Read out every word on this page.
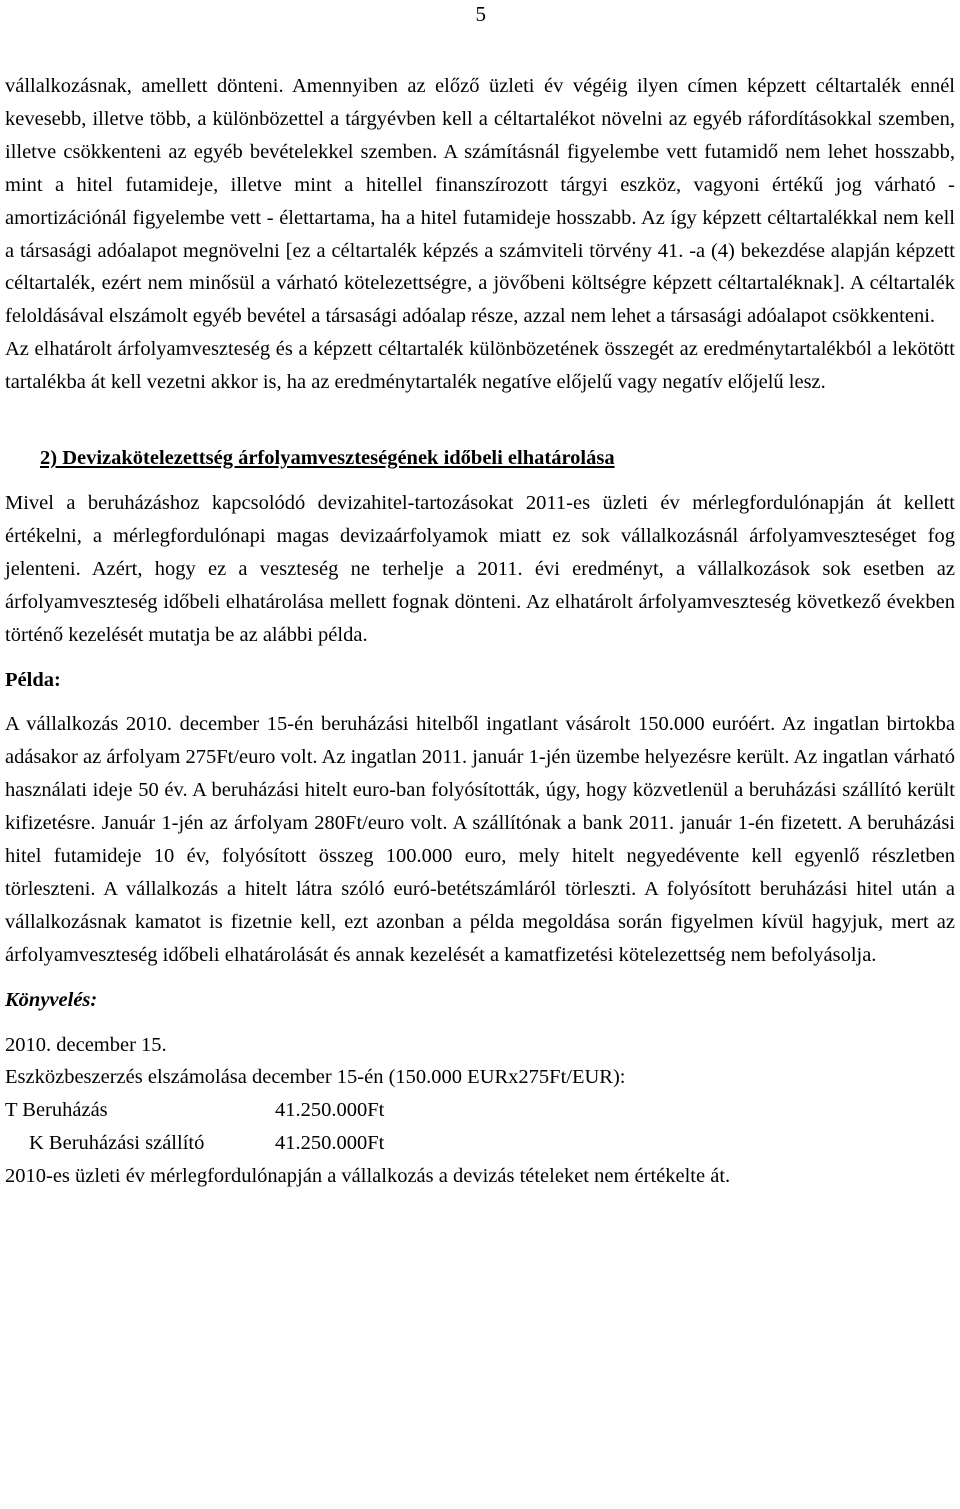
5

vállalkozásnak, amellett dönteni. Amennyiben az előző üzleti év végéig ilyen címen képzett céltartalék ennél kevesebb, illetve több, a különbözettel a tárgyévben kell a céltartalékot növelni az egyéb ráfordításokkal szemben, illetve csökkenteni az egyéb bevételekkel szemben. A számításnál figyelembe vett futamidő nem lehet hosszabb, mint a hitel futamideje, illetve mint a hitellel finanszírozott tárgyi eszköz, vagyoni értékű jog várható - amortizációnál figyelembe vett - élettartama, ha a hitel futamideje hosszabb. Az így képzett céltartalékkal nem kell a társasági adóalapot megnövelni [ez a céltartalék képzés a számviteli törvény 41. -a (4) bekezdése alapján képzett céltartalék, ezért nem minősül a várható kötelezettségre, a jövőbeni költségre képzett céltartaléknak]. A céltartalék feloldásával elszámolt egyéb bevétel a társasági adóalap része, azzal nem lehet a társasági adóalapot csökkenteni.

Az elhatárolt árfolyamveszteség és a képzett céltartalék különbözetének összegét az eredménytartalékból a lekötött tartalékba át kell vezetni akkor is, ha az eredménytartalék negatíve előjelű vagy negatív előjelű lesz.

2) Devizakötelezettség árfolyamveszteségének időbeli elhatárolása

Mivel a beruházáshoz kapcsolódó devizahitel-tartozásokat 2011-es üzleti év mérlegfordulónapján át kellett értékelni, a mérlegfordulónapi magas devizaárfolyamok miatt ez sok vállalkozásnál árfolyamveszteséget fog jelenteni. Azért, hogy ez a veszteség ne terhelje a 2011. évi eredményt, a vállalkozások sok esetben az árfolyamveszteség időbeli elhatárolása mellett fognak dönteni. Az elhatárolt árfolyamveszteség következő években történő kezelését mutatja be az alábbi példa.

Példa:

A vállalkozás 2010. december 15-én beruházási hitelből ingatlant vásárolt 150.000 euróért. Az ingatlan birtokba adásakor az árfolyam 275Ft/euro volt. Az ingatlan 2011. január 1-jén üzembe helyezésre került. Az ingatlan várható használati ideje 50 év. A beruházási hitelt euro-ban folyósították, úgy, hogy közvetlenül a beruházási szállító került kifizetésre. Január 1-jén az árfolyam 280Ft/euro volt. A szállítónak a bank 2011. január 1-én fizetett. A beruházási hitel futamideje 10 év, folyósított összeg 100.000 euro, mely hitelt negyedévente kell egyenlő részletben törleszteni. A vállalkozás a hitelt látra szóló euró-betétszámláról törleszti. A folyósított beruházási hitel után a vállalkozásnak kamatot is fizetnie kell, ezt azonban a példa megoldása során figyelmen kívül hagyjuk, mert az árfolyamveszteség időbeli elhatárolását és annak kezelését a kamatfizetési kötelezettség nem befolyásolja.

Könyvelés:
2010. december 15.
Eszközbeszerzés elszámolása december 15-én (150.000 EURx275Ft/EUR):
T Beruházás	41.250.000Ft
K Beruházási szállító	41.250.000Ft
2010-es üzleti év mérlegfordulónapján a vállalkozás a devizás tételeket nem értékelte át.
